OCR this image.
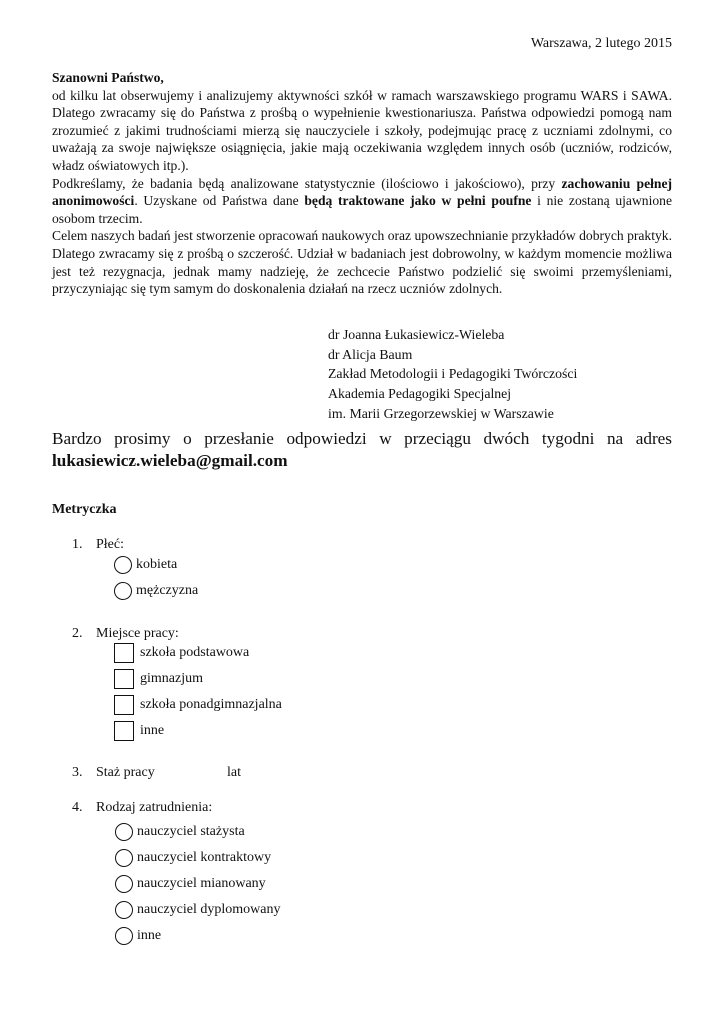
Warszawa, 2 lutego 2015

Szanowni Państwo,

od kilku lat obserwujemy i analizujemy aktywności szkół w ramach warszawskiego programu WARS i SAWA. Dlatego zwracamy się do Państwa z prośbą o wypełnienie kwestionariusza. Państwa odpowiedzi pomogą nam zrozumieć z jakimi trudnościami mierzą się nauczyciele i szkoły, podejmując pracę z uczniami zdolnymi, co uważają za swoje największe osiągnięcia, jakie mają oczekiwania względem innych osób (uczniów, rodziców, władz oświatowych itp.).

Podkreślamy, że badania będą analizowane statystycznie (ilościowo i jakościowo), przy zachowaniu pełnej anonimowości. Uzyskane od Państwa dane będą traktowane jako w pełni poufne i nie zostaną ujawnione osobom trzecim.

Celem naszych badań jest stworzenie opracowań naukowych oraz upowszechnianie przykładów dobrych praktyk. Dlatego zwracamy się z prośbą o szczerość. Udział w badaniach jest dobrowolny, w każdym momencie możliwa jest też rezygnacja, jednak mamy nadzieję, że zechcecie Państwo podzielić się swoimi przemyśleniami, przyczyniając się tym samym do doskonalenia działań na rzecz uczniów zdolnych.

dr Joanna Łukasiewicz-Wieleba
dr Alicja Baum
Zakład Metodologii i Pedagogiki Twórczości
Akademia Pedagogiki Specjalnej
im. Marii Grzegorzewskiej w Warszawie
Bardzo prosimy o przesłanie odpowiedzi w przeciągu dwóch tygodni na adres lukasiewicz.wieleba@gmail.com
Metryczka
1. Płeć:
kobieta
mężczyzna
2. Miejsce pracy:
szkoła podstawowa
gimnazjum
szkoła ponadgimnazjalna
inne
3. Staż pracy	lat
4. Rodzaj zatrudnienia:
nauczyciel stażysta
nauczyciel kontraktowy
nauczyciel mianowany
nauczyciel dyplomowany
inne
